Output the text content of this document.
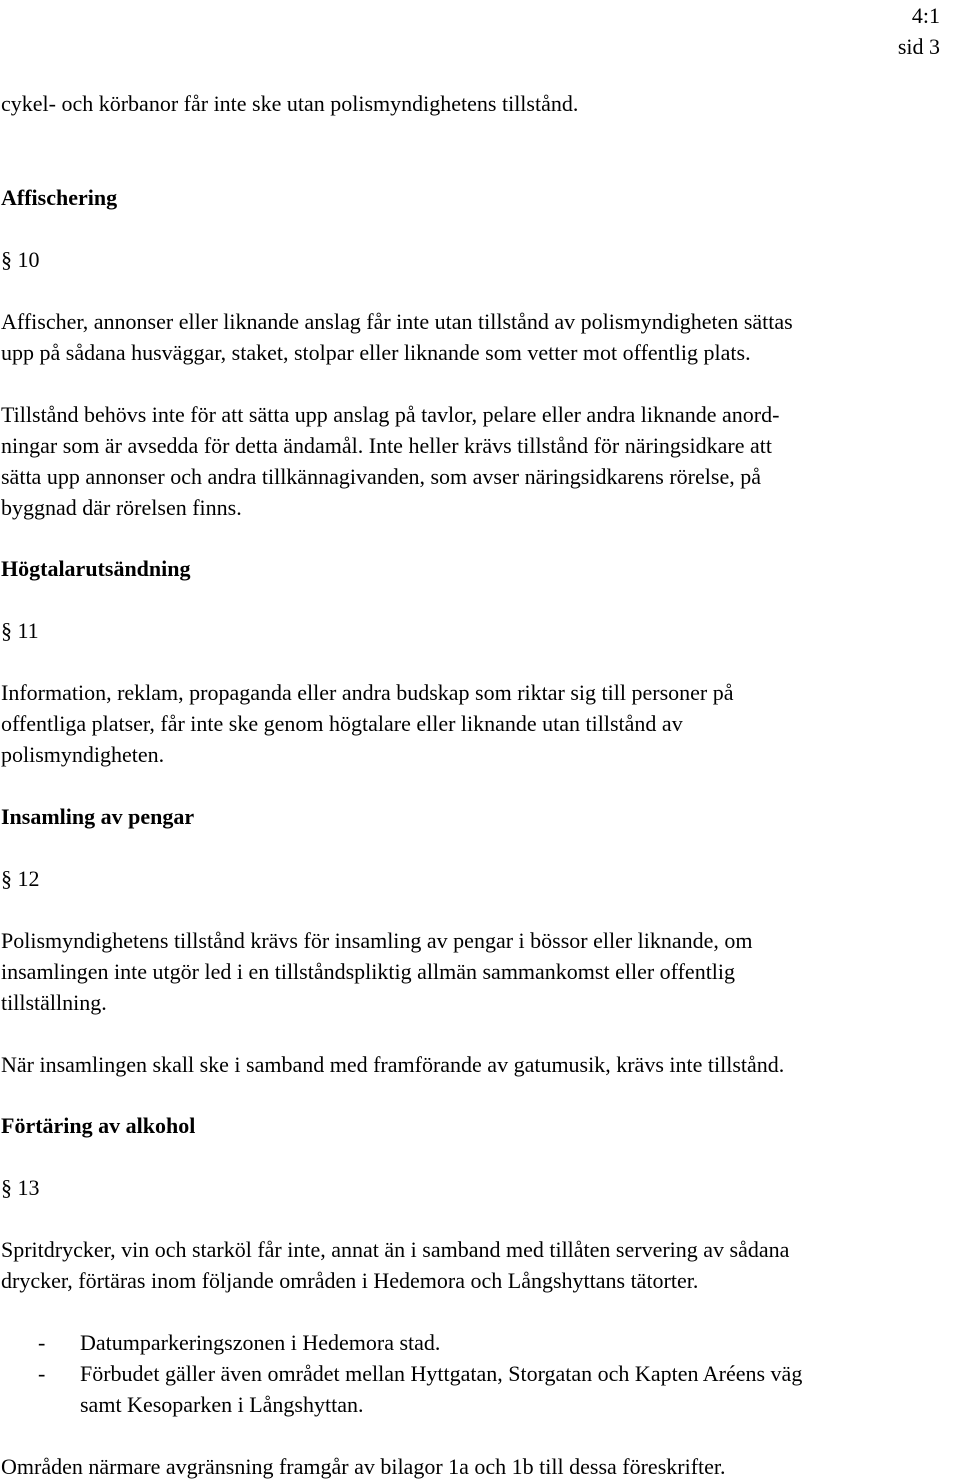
4:1
sid 3

cykel- och körbanor får inte ske utan polismyndighetens tillstånd.

Affischering

§ 10

Affischer, annonser eller liknande anslag får inte utan tillstånd av polismyndigheten sättas
upp på sådana husväggar, staket, stolpar eller liknande som vetter mot offentlig plats.

Tillstånd behövs inte för att sätta upp anslag på tavlor, pelare eller andra liknande anord-
ningar som är avsedda för detta ändamål. Inte heller krävs tillstånd för näringsidkare att
sätta upp annonser och andra tillkännagivanden, som avser näringsidkarens rörelse, på
byggnad där rörelsen finns.

Högtalarutsändning

§ 11

Information, reklam, propaganda eller andra budskap som riktar sig till personer på
offentliga platser, får inte ske genom högtalare eller liknande utan tillstånd av
polismyndigheten.

Insamling av pengar

§ 12

Polismyndighetens tillstånd krävs för insamling av pengar i bössor eller liknande, om
insamlingen inte utgör led i en tillståndspliktig allmän sammankomst eller offentlig
tillställning.

När insamlingen skall ske i samband med framförande av gatumusik, krävs inte tillstånd.

Förtäring av alkohol

§ 13

Spritdrycker, vin och starköl får inte, annat än i samband med tillåten servering av sådana
drycker, förtäras inom följande områden i Hedemora och Långshyttans tätorter.

- Datumparkeringszonen i Hedemora stad.
- Förbudet gäller även området mellan Hyttgatan, Storgatan och Kapten Aréens väg
samt Kesoparken i Långshyttan.

Områden närmare avgränsning framgår av bilagor 1a och 1b till dessa föreskrifter.
